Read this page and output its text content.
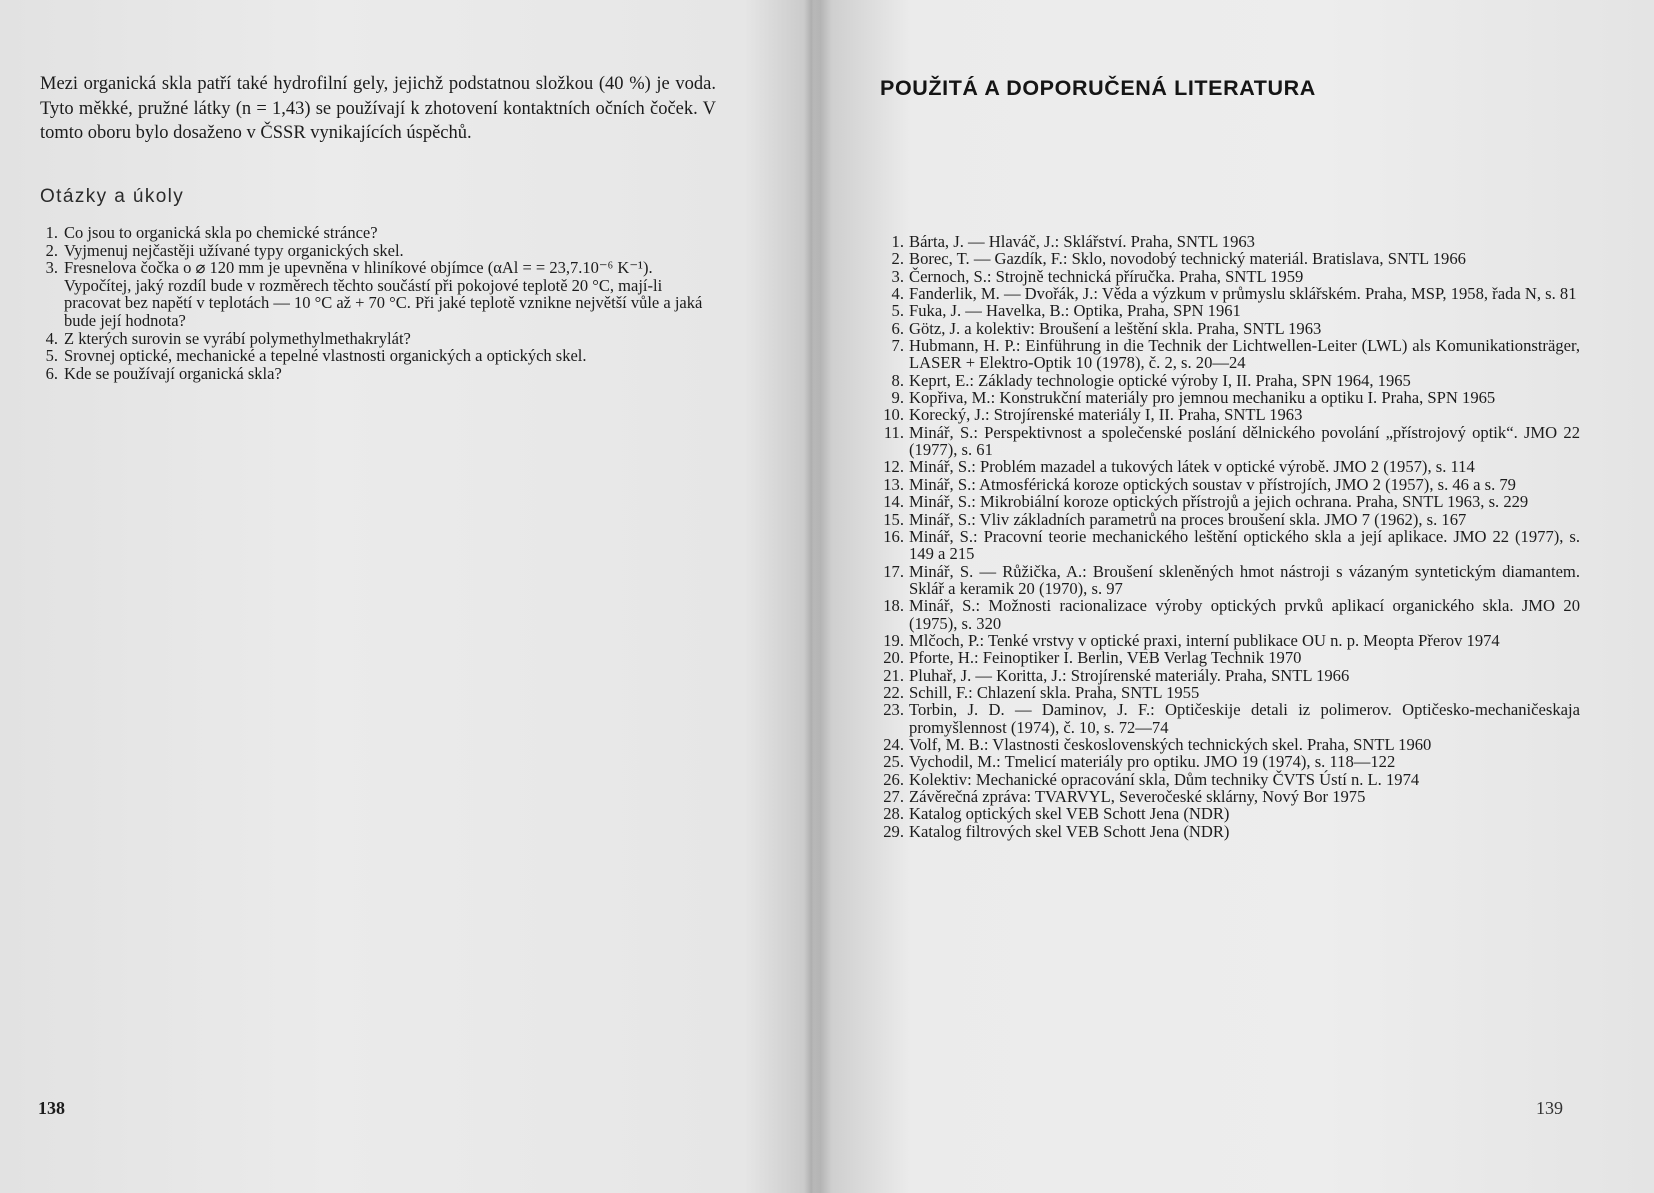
Mezi organická skla patří také hydrofilní gely, jejichž podstatnou složkou (40 %) je voda. Tyto měkké, pružné látky (n = 1,43) se používají k zhotovení kontaktních očních čoček. V tomto oboru bylo dosaženo v ČSSR vynikajících úspěchů.

Otázky a úkoly
1. Co jsou to organická skla po chemické stránce?
2. Vyjmenuj nejčastěji užívané typy organických skel.
3. Fresnelova čočka o ⌀ 120 mm je upevněna v hliníkové objímce (αAl = = 23,7.10⁻⁶ K⁻¹). Vypočítej, jaký rozdíl bude v rozměrech těchto součástí při pokojové teplotě 20 °C, mají-li pracovat bez napětí v teplotách — 10 °C až + 70 °C. Při jaké teplotě vznikne největší vůle a jaká bude její hodnota?
4. Z kterých surovin se vyrábí polymethylmethakrylát?
5. Srovnej optické, mechanické a tepelné vlastnosti organických a optických skel.
6. Kde se používají organická skla?
138
POUŽITÁ A DOPORUČENÁ LITERATURA
1. Bárta, J. — Hlaváč, J.: Sklářství. Praha, SNTL 1963
2. Borec, T. — Gazdík, F.: Sklo, novodobý technický materiál. Bratislava, SNTL 1966
3. Černoch, S.: Strojně technická příručka. Praha, SNTL 1959
4. Fanderlik, M. — Dvořák, J.: Věda a výzkum v průmyslu sklářském. Praha, MSP, 1958, řada N, s. 81
5. Fuka, J. — Havelka, B.: Optika, Praha, SPN 1961
6. Götz, J. a kolektiv: Broušení a leštění skla. Praha, SNTL 1963
7. Hubmann, H. P.: Einführung in die Technik der Lichtwellen-Leiter (LWL) als Komunikationsträger, LASER + Elektro-Optik 10 (1978), č. 2, s. 20—24
8. Keprt, E.: Základy technologie optické výroby I, II. Praha, SPN 1964, 1965
9. Kopřiva, M.: Konstrukční materiály pro jemnou mechaniku a optiku I. Praha, SPN 1965
10. Korecký, J.: Strojírenské materiály I, II. Praha, SNTL 1963
11. Minář, S.: Perspektivnost a společenské poslání dělnického povolání „přístrojový optik“. JMO 22 (1977), s. 61
12. Minář, S.: Problém mazadel a tukových látek v optické výrobě. JMO 2 (1957), s. 114
13. Minář, S.: Atmosférická koroze optických soustav v přístrojích, JMO 2 (1957), s. 46 a s. 79
14. Minář, S.: Mikrobiální koroze optických přístrojů a jejich ochrana. Praha, SNTL 1963, s. 229
15. Minář, S.: Vliv základních parametrů na proces broušení skla. JMO 7 (1962), s. 167
16. Minář, S.: Pracovní teorie mechanického leštění optického skla a její aplikace. JMO 22 (1977), s. 149 a 215
17. Minář, S. — Růžička, A.: Broušení skleněných hmot nástroji s vázaným syntetickým diamantem. Sklář a keramik 20 (1970), s. 97
18. Minář, S.: Možnosti racionalizace výroby optických prvků aplikací organického skla. JMO 20 (1975), s. 320
19. Mlčoch, P.: Tenké vrstvy v optické praxi, interní publikace OU n. p. Meopta Přerov 1974
20. Pforte, H.: Feinoptiker I. Berlin, VEB Verlag Technik 1970
21. Pluhař, J. — Koritta, J.: Strojírenské materiály. Praha, SNTL 1966
22. Schill, F.: Chlazení skla. Praha, SNTL 1955
23. Torbin, J. D. — Daminov, J. F.: Optičeskije detali iz polimerov. Optičesko-mechaničeskaja promyšlennost (1974), č. 10, s. 72—74
24. Volf, M. B.: Vlastnosti československých technických skel. Praha, SNTL 1960
25. Vychodil, M.: Tmelicí materiály pro optiku. JMO 19 (1974), s. 118—122
26. Kolektiv: Mechanické opracování skla, Dům techniky ČVTS Ústí n. L. 1974
27. Závěrečná zpráva: TVARVYL, Severočeské sklárny, Nový Bor 1975
28. Katalog optických skel VEB Schott Jena (NDR)
29. Katalog filtrových skel VEB Schott Jena (NDR)
139
